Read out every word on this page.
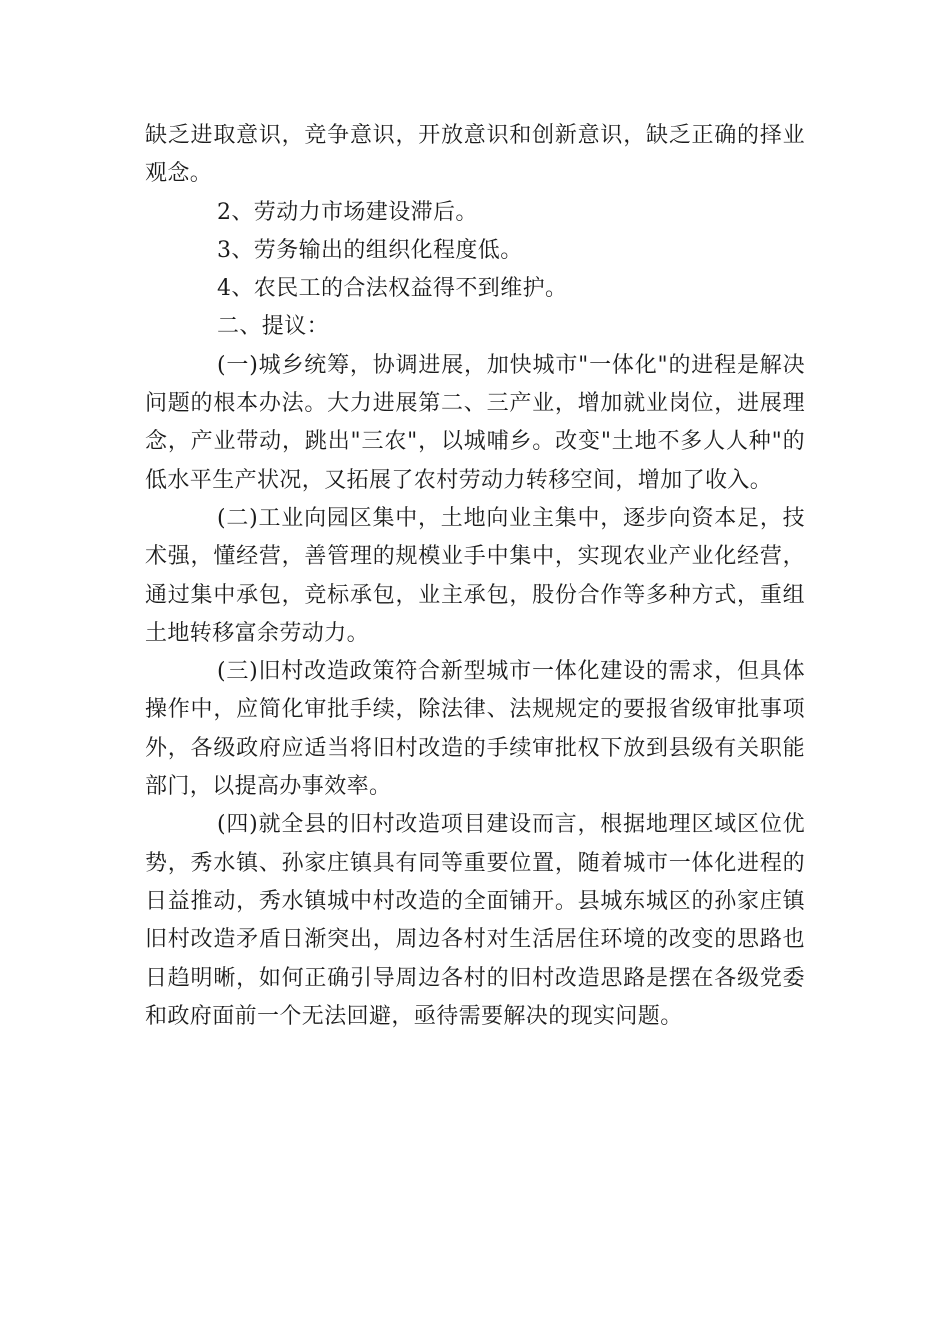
缺乏进取意识，竞争意识，开放意识和创新意识，缺乏正确的择业观念。

2、劳动力市场建设滞后。

3、劳务输出的组织化程度低。

4、农民工的合法权益得不到维护。

二、提议：

(一)城乡统筹，协调进展，加快城市"一体化"的进程是解决问题的根本办法。大力进展第二、三产业，增加就业岗位，进展理念，产业带动，跳出"三农"，以城哺乡。改变"土地不多人人种"的低水平生产状况，又拓展了农村劳动力转移空间，增加了收入。

(二)工业向园区集中，土地向业主集中，逐步向资本足，技术强，懂经营，善管理的规模业手中集中，实现农业产业化经营，通过集中承包，竞标承包，业主承包，股份合作等多种方式，重组土地转移富余劳动力。

(三)旧村改造政策符合新型城市一体化建设的需求，但具体操作中，应简化审批手续，除法律、法规规定的要报省级审批事项外，各级政府应适当将旧村改造的手续审批权下放到县级有关职能部门，以提高办事效率。

(四)就全县的旧村改造项目建设而言，根据地理区域区位优势，秀水镇、孙家庄镇具有同等重要位置，随着城市一体化进程的日益推动，秀水镇城中村改造的全面铺开。县城东城区的孙家庄镇旧村改造矛盾日渐突出，周边各村对生活居住环境的改变的思路也日趋明晰，如何正确引导周边各村的旧村改造思路是摆在各级党委和政府面前一个无法回避，亟待需要解决的现实问题。
